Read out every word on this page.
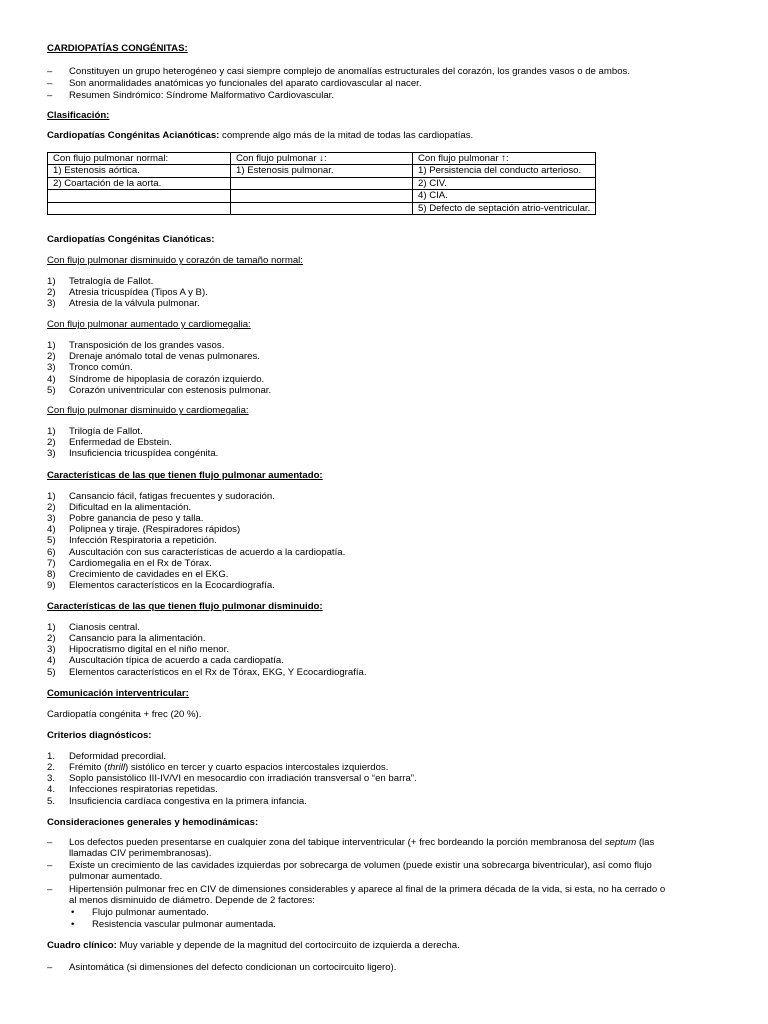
CARDIOPATÍAS CONGÉNITAS:
– Constituyen un grupo heterogéneo y casi siempre complejo de anomalías estructurales del corazón, los grandes vasos o de ambos.
– Son anormalidades anatómicas yo funcionales del aparato cardiovascular al nacer.
– Resumen Sindrómico: Síndrome Malformativo Cardiovascular.
Clasificación:
Cardiopatías Congénitas Acianóticas: comprende algo más de la mitad de todas las cardiopatías.
Con flujo pulmonar normal:	Con flujo pulmonar ↓:	Con flujo pulmonar ↑:
1) Estenosis aórtica.	1) Estenosis pulmonar.	1) Persistencia del conducto arterioso.
2) Coartación de la aorta.		2) CIV.
		4) CIA.
		5) Defecto de septación atrio-ventricular.
Cardiopatías Congénitas Cianóticas:
Con flujo pulmonar disminuido y corazón de tamaño normal:
1) Tetralogía de Fallot.
2) Atresia tricuspídea (Tipos A y B).
3) Atresia de la válvula pulmonar.
Con flujo pulmonar aumentado y cardiomegalia:
1) Transposición de los grandes vasos.
2) Drenaje anómalo total de venas pulmonares.
3) Tronco común.
4) Síndrome de hipoplasia de corazón izquierdo.
5) Corazón univentricular con estenosis pulmonar.
Con flujo pulmonar disminuido y cardiomegalia:
1) Trilogía de Fallot.
2) Enfermedad de Ebstein.
3) Insuficiencia tricuspídea congénita.
Características de las que tienen flujo pulmonar aumentado:
1) Cansancio fácil, fatigas frecuentes y sudoración.
2) Dificultad en la alimentación.
3) Pobre ganancia de peso y talla.
4) Polipnea y tiraje. (Respiradores rápidos)
5) Infección Respiratoria a repetición.
6) Auscultación con sus características de acuerdo a la cardiopatía.
7) Cardiomegalia en el Rx de Tórax.
8) Crecimiento de cavidades en el EKG.
9) Elementos característicos en la Ecocardiografía.
Características de las que tienen flujo pulmonar disminuido:
1) Cianosis central.
2) Cansancio para la alimentación.
3) Hipocratismo digital en el niño menor.
4) Auscultación típica de acuerdo a cada cardiopatía.
5) Elementos característicos en el Rx de Tórax, EKG, Y Ecocardiografía.
Comunicación interventricular:
Cardiopatía congénita + frec (20 %).
Criterios diagnósticos:
1. Deformidad precordial.
2. Frémito (thrill) sistólico en tercer y cuarto espacios intercostales izquierdos.
3. Soplo pansistólico III-IV/VI en mesocardio con irradiación transversal o “en barra”.
4. Infecciones respiratorias repetidas.
5. Insuficiencia cardíaca congestiva en la primera infancia.
Consideraciones generales y hemodinámicas:
– Los defectos pueden presentarse en cualquier zona del tabique interventricular (+ frec bordeando la porción membranosa del septum (las
llamadas CIV perimembranosas).
– Existe un crecimiento de las cavidades izquierdas por sobrecarga de volumen (puede existir una sobrecarga biventricular), así como flujo
pulmonar aumentado.
– Hipertensión pulmonar frec en CIV de dimensiones considerables y aparece al final de la primera década de la vida, si esta, no ha cerrado o
al menos disminuido de diámetro. Depende de 2 factores:
• Flujo pulmonar aumentado.
• Resistencia vascular pulmonar aumentada.
Cuadro clínico: Muy variable y depende de la magnitud del cortocircuito de izquierda a derecha.
– Asintomática (si dimensiones del defecto condicionan un cortocircuito ligero).
